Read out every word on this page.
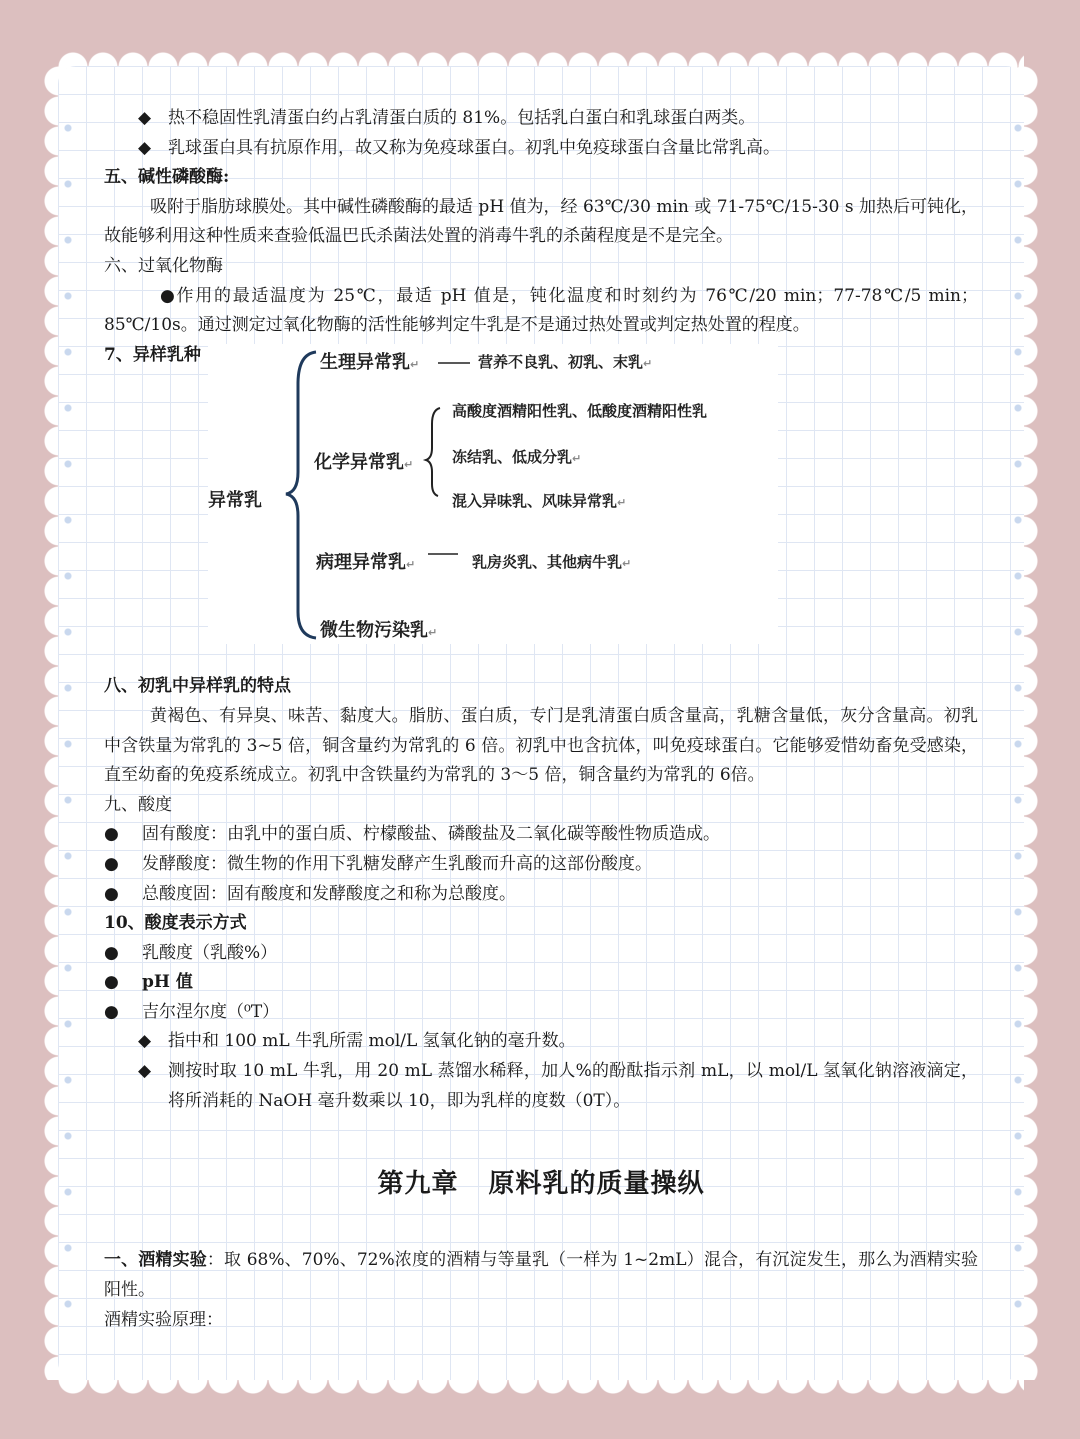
◆ 热不稳固性乳清蛋白约占乳清蛋白质的 81%。包括乳白蛋白和乳球蛋白两类。
◆ 乳球蛋白具有抗原作用，故又称为免疫球蛋白。初乳中免疫球蛋白含量比常乳高。
五、碱性磷酸酶:
吸附于脂肪球膜处。其中碱性磷酸酶的最适 pH 值为，经 63℃/30 min 或 71-75℃/15-30 s 加热后可钝化，故能够利用这种性质来查验低温巴氏杀菌法处置的消毒牛乳的杀菌程度是不是完全。
六、过氧化物酶
●作用的最适温度为 25℃，最适 pH 值是，钝化温度和时刻约为 76℃/20 min；77-78℃/5 min；85℃/10s。通过测定过氧化物酶的活性能够判定牛乳是不是通过热处置或判定热处置的程度。
7、异样乳种
八、初乳中异样乳的特点
黄褐色、有异臭、味苦、黏度大。脂肪、蛋白质，专门是乳清蛋白质含量高，乳糖含量低，灰分含量高。初乳中含铁量为常乳的 3~5 倍，铜含量约为常乳的 6 倍。初乳中也含抗体，叫免疫球蛋白。它能够爱惜幼畜免受感染，直至幼畜的免疫系统成立。初乳中含铁量约为常乳的 3～5 倍，铜含量约为常乳的 6倍。
九、酸度
● 固有酸度：由乳中的蛋白质、柠檬酸盐、磷酸盐及二氧化碳等酸性物质造成。
● 发酵酸度：微生物的作用下乳糖发酵产生乳酸而升高的这部份酸度。
● 总酸度固：固有酸度和发酵酸度之和称为总酸度。
10、酸度表示方式
● 乳酸度（乳酸%）
● pH 值
● 吉尔涅尔度（⁰T）
◆ 指中和 100 mL 牛乳所需 mol/L 氢氧化钠的毫升数。
◆ 测按时取 10 mL 牛乳，用 20 mL 蒸馏水稀释，加人%的酚酞指示剂 mL，以 mol/L 氢氧化钠溶液滴定，将所消耗的 NaOH 毫升数乘以 10，即为乳样的度数（0T）。
第九章 原料乳的质量操纵
一、酒精实验：取 68%、70%、72%浓度的酒精与等量乳（一样为 1~2mL）混合，有沉淀发生，那么为酒精实验阳性。
酒精实验原理：
异常乳
生理异常乳↵	营养不良乳、初乳、末乳↵
化学异常乳↵
高酸度酒精阳性乳、低酸度酒精阳性乳
冻结乳、低成分乳↵
混入异味乳、风味异常乳↵
病理异常乳↵	乳房炎乳、其他病牛乳↵
微生物污染乳↵
